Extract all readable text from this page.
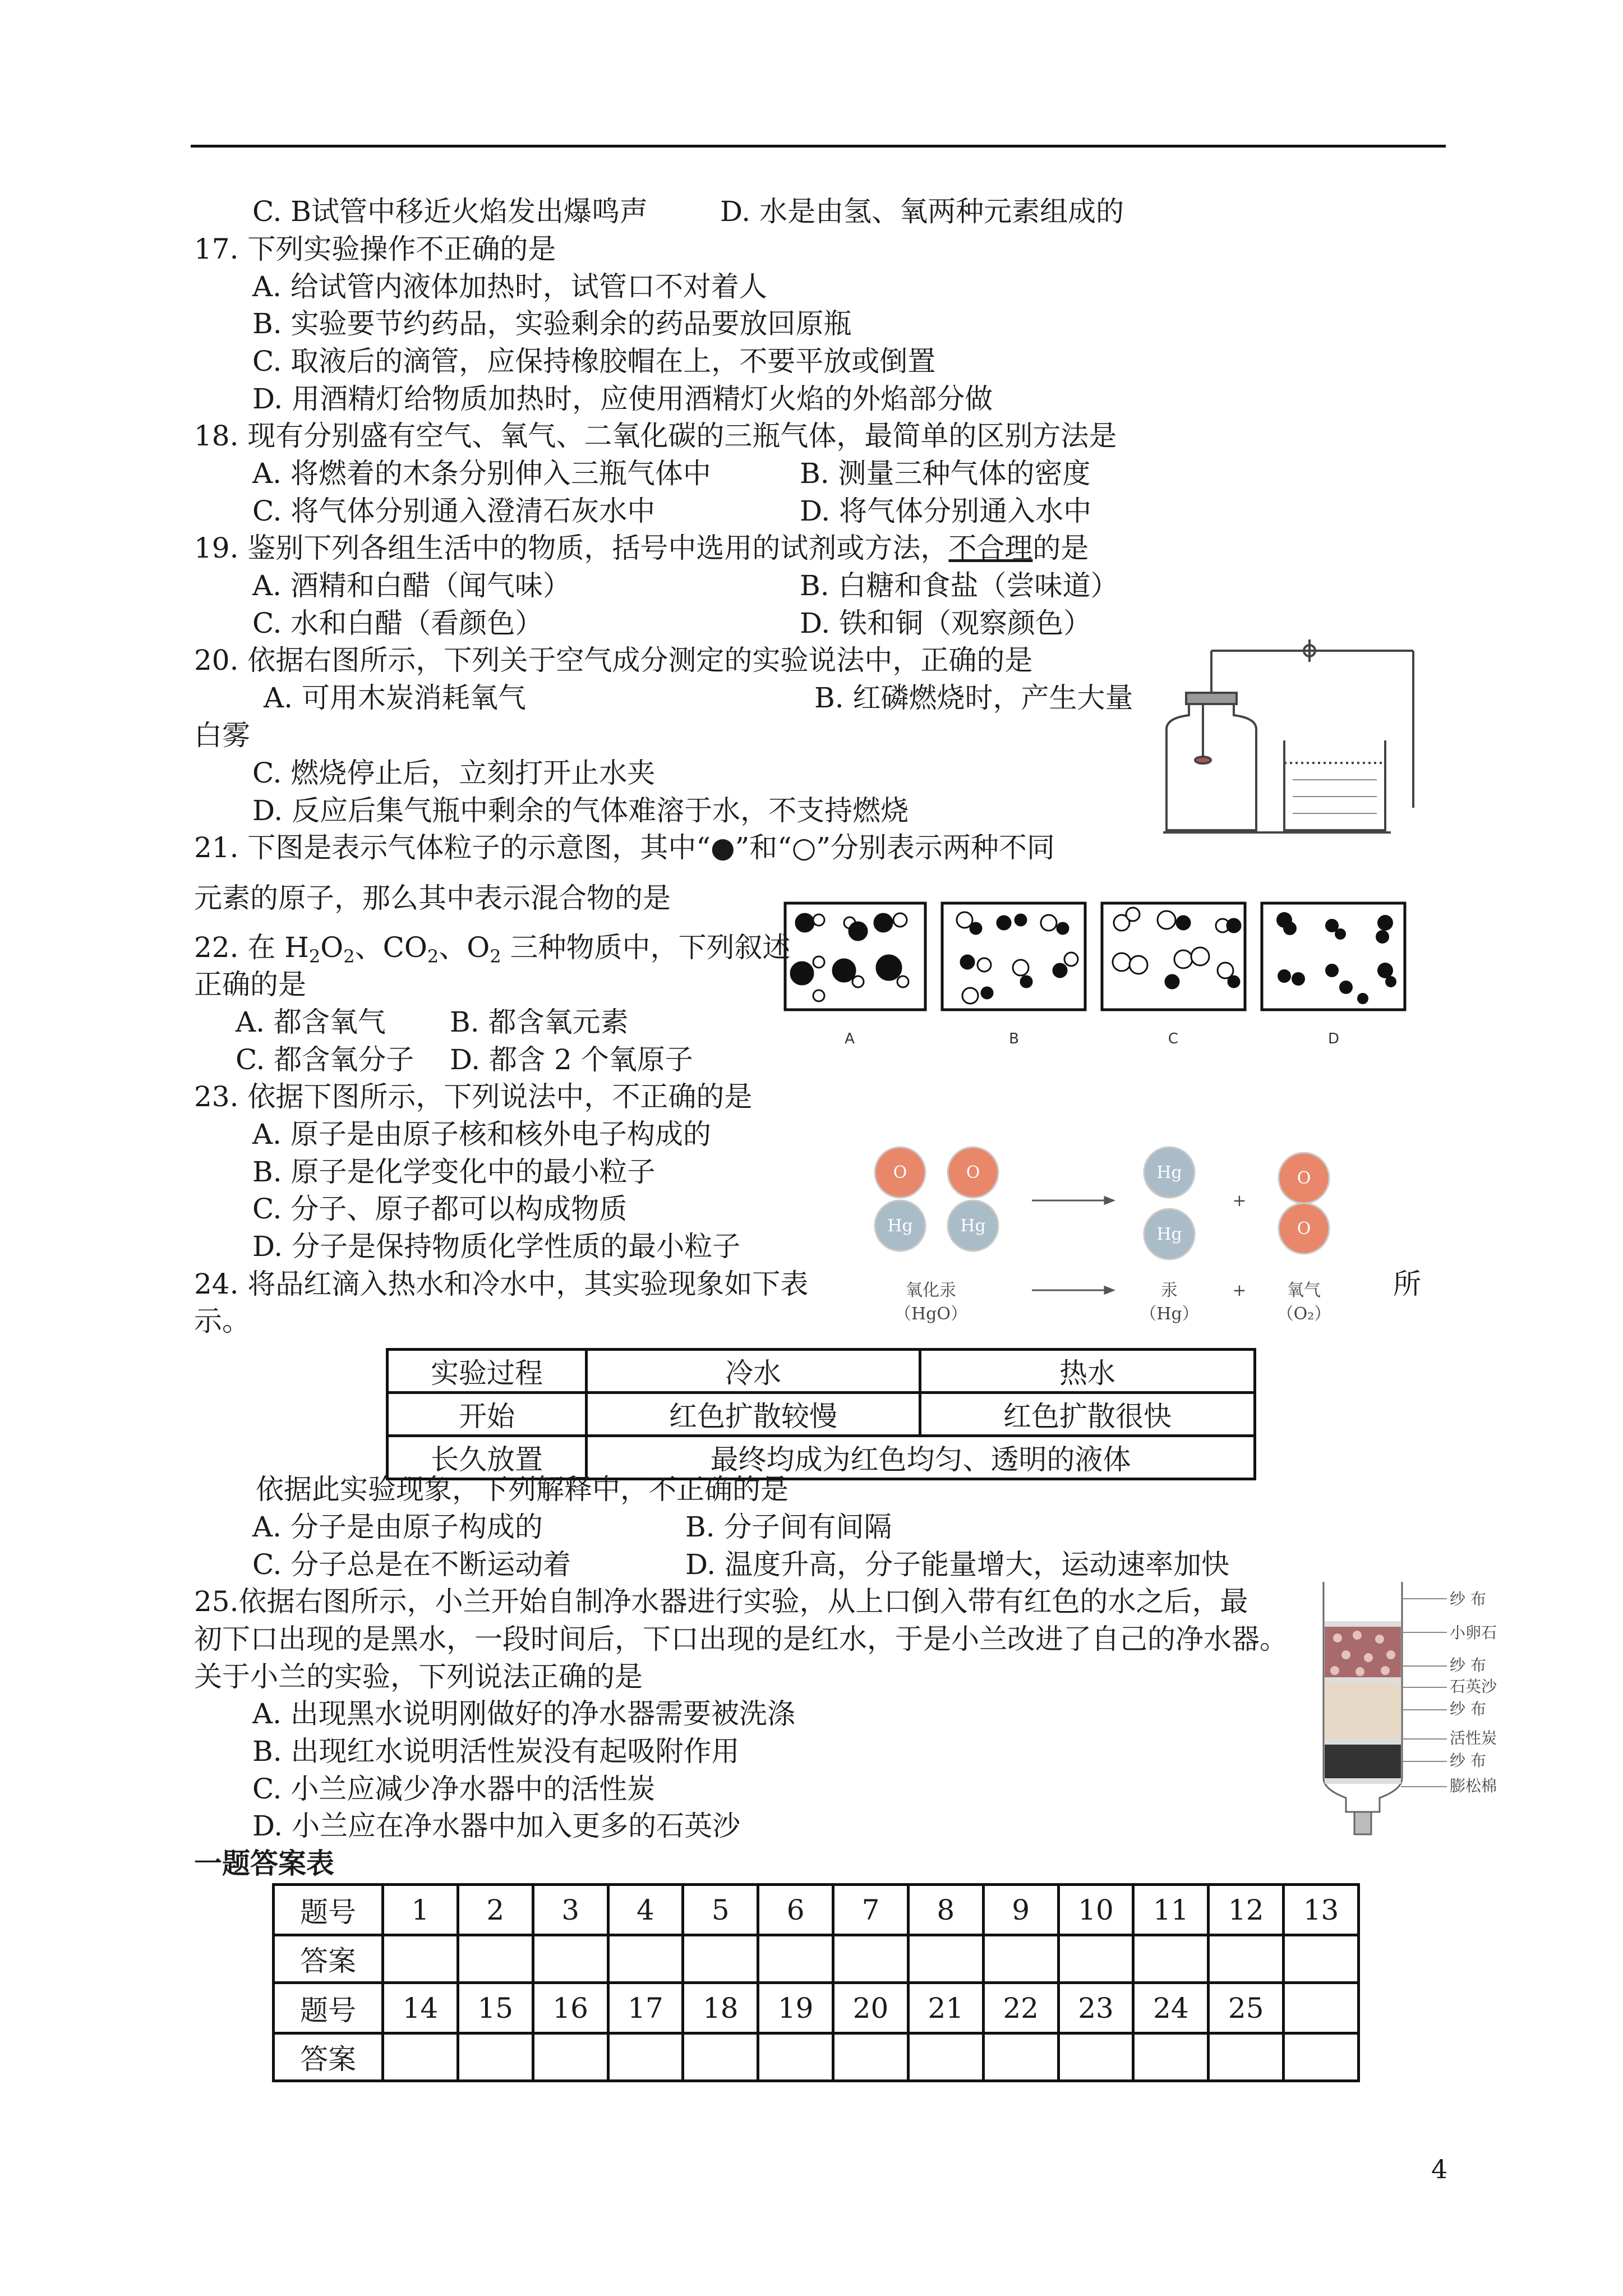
C. B试管中移近火焰发出爆鸣声	D. 水是由氢、氧两种元素组成的
17. 下列实验操作不正确的是
A. 给试管内液体加热时，试管口不对着人
B. 实验要节约药品，实验剩余的药品要放回原瓶
C. 取液后的滴管，应保持橡胶帽在上，不要平放或倒置
D. 用酒精灯给物质加热时，应使用酒精灯火焰的外焰部分做
18. 现有分别盛有空气、氧气、二氧化碳的三瓶气体，最简单的区别方法是
A. 将燃着的木条分别伸入三瓶气体中	B. 测量三种气体的密度
C. 将气体分别通入澄清石灰水中	D. 将气体分别通入水中
19. 鉴别下列各组生活中的物质，括号中选用的试剂或方法，不合理的是
A. 酒精和白醋（闻气味）	B. 白糖和食盐（尝味道）
C. 水和白醋（看颜色）	D. 铁和铜（观察颜色）
20. 依据右图所示，下列关于空气成分测定的实验说法中，正确的是
A. 可用木炭消耗氧气	B. 红磷燃烧时，产生大量
白雾
C. 燃烧停止后，立刻打开止水夹
D. 反应后集气瓶中剩余的气体难溶于水，不支持燃烧
21. 下图是表示气体粒子的示意图，其中“●”和“○”分别表示两种不同
元素的原子，那么其中表示混合物的是
A	B	C	D
22. 在 $H_2O_2$、$CO_2$、$O_2$ 三种物质中，下列叙述
正确的是
A. 都含氧气 B. 都含氧元素
C. 都含氧分子 D. 都含 2 个氧原子
23. 依据下图所示，下列说法中，不正确的是
A. 原子是由原子核和核外电子构成的
B. 原子是化学变化中的最小粒子
C. 分子、原子都可以构成物质
D. 分子是保持物质化学性质的最小粒子
O	O
Hg	Hg
Hg
Hg
O
O
+
+
氧化汞
（HgO）
汞
（Hg）
氧气
（O₂）
24. 将品红滴入热水和冷水中，其实验现象如下表	所
示。
实验过程	冷水	热水
开始	红色扩散较慢	红色扩散很快
长久放置	最终均成为红色均匀、透明的液体	
依据此实验现象，下列解释中，不正确的是
A. 分子是由原子构成的	B. 分子间有间隔
C. 分子总是在不断运动着	D. 温度升高，分子能量增大，运动速率加快
25.依据右图所示，小兰开始自制净水器进行实验，从上口倒入带有红色的水之后，最
初下口出现的是黑水，一段时间后，下口出现的是红水，于是小兰改进了自己的净水器。
关于小兰的实验，下列说法正确的是
A. 出现黑水说明刚做好的净水器需要被洗涤
B. 出现红水说明活性炭没有起吸附作用
C. 小兰应减少净水器中的活性炭
D. 小兰应在净水器中加入更多的石英沙
纱 布
小卵石
纱 布
石英沙
纱 布
活性炭
纱 布
膨松棉
一题答案表
题号	1	2	3	4	5	6	7	8	9	10	11	12	13
答案													
题号	14	15	16	17	18	19	20	21	22	23	24	25	
答案													
4
